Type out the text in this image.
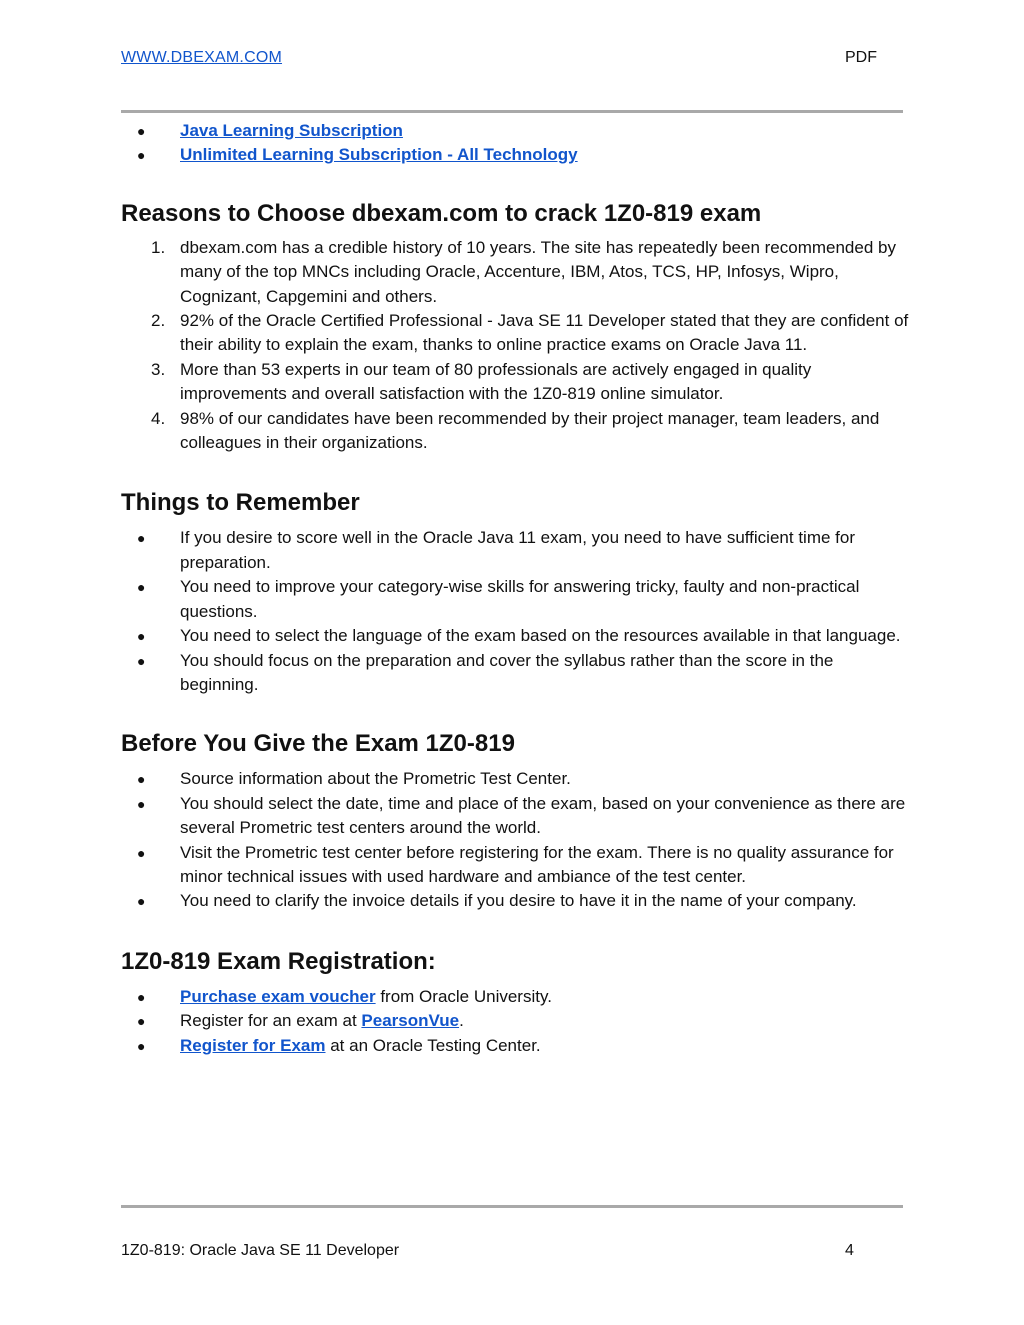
WWW.DBEXAM.COM	PDF
●	Java Learning Subscription
●	Unlimited Learning Subscription - All Technology
Reasons to Choose dbexam.com to crack 1Z0-819 exam
1. dbexam.com has a credible history of 10 years. The site has repeatedly been recommended by many of the top MNCs including Oracle, Accenture, IBM, Atos, TCS, HP, Infosys, Wipro, Cognizant, Capgemini and others.
2. 92% of the Oracle Certified Professional - Java SE 11 Developer stated that they are confident of their ability to explain the exam, thanks to online practice exams on Oracle Java 11.
3. More than 53 experts in our team of 80 professionals are actively engaged in quality improvements and overall satisfaction with the 1Z0-819 online simulator.
4. 98% of our candidates have been recommended by their project manager, team leaders, and colleagues in their organizations.
Things to Remember
●	If you desire to score well in the Oracle Java 11 exam, you need to have sufficient time for preparation.
●	You need to improve your category-wise skills for answering tricky, faulty and non-practical questions.
●	You need to select the language of the exam based on the resources available in that language.
●	You should focus on the preparation and cover the syllabus rather than the score in the beginning.
Before You Give the Exam 1Z0-819
●	Source information about the Prometric Test Center.
●	You should select the date, time and place of the exam, based on your convenience as there are several Prometric test centers around the world.
●	Visit the Prometric test center before registering for the exam. There is no quality assurance for minor technical issues with used hardware and ambiance of the test center.
●	You need to clarify the invoice details if you desire to have it in the name of your company.
1Z0-819 Exam Registration:
●	Purchase exam voucher from Oracle University.
●	Register for an exam at PearsonVue.
●	Register for Exam at an Oracle Testing Center.
1Z0-819: Oracle Java SE 11 Developer	4
